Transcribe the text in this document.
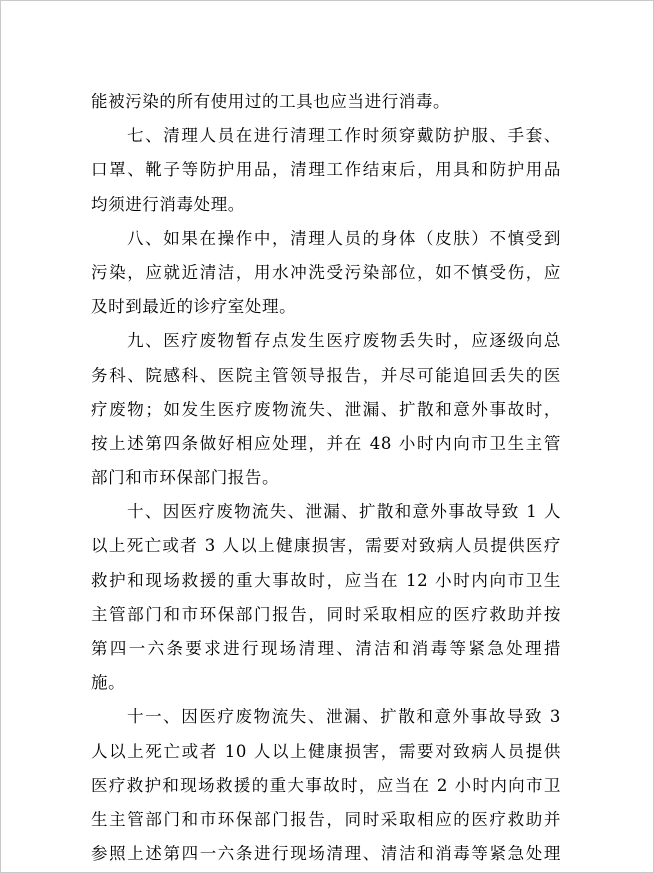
能被污染的所有使用过的工具也应当进行消毒。
七、清理人员在进行清理工作时须穿戴防护服、手套、
口罩、靴子等防护用品，清理工作结束后，用具和防护用品
均须进行消毒处理。
八、如果在操作中，清理人员的身体（皮肤）不慎受到
污染，应就近清洁，用水冲洗受污染部位，如不慎受伤，应
及时到最近的诊疗室处理。
九、医疗废物暂存点发生医疗废物丢失时，应逐级向总
务科、院感科、医院主管领导报告，并尽可能追回丢失的医
疗废物；如发生医疗废物流失、泄漏、扩散和意外事故时，
按上述第四条做好相应处理，并在 48 小时内向市卫生主管
部门和市环保部门报告。
十、因医疗废物流失、泄漏、扩散和意外事故导致 1 人
以上死亡或者 3 人以上健康损害，需要对致病人员提供医疗
救护和现场救援的重大事故时，应当在 12 小时内向市卫生
主管部门和市环保部门报告，同时采取相应的医疗救助并按
第四一六条要求进行现场清理、清洁和消毒等紧急处理措
施。
十一、因医疗废物流失、泄漏、扩散和意外事故导致 3
人以上死亡或者 10 人以上健康损害，需要对致病人员提供
医疗救护和现场救援的重大事故时，应当在 2 小时内向市卫
生主管部门和市环保部门报告，同时采取相应的医疗救助并
参照上述第四一六条进行现场清理、清洁和消毒等紧急处理
